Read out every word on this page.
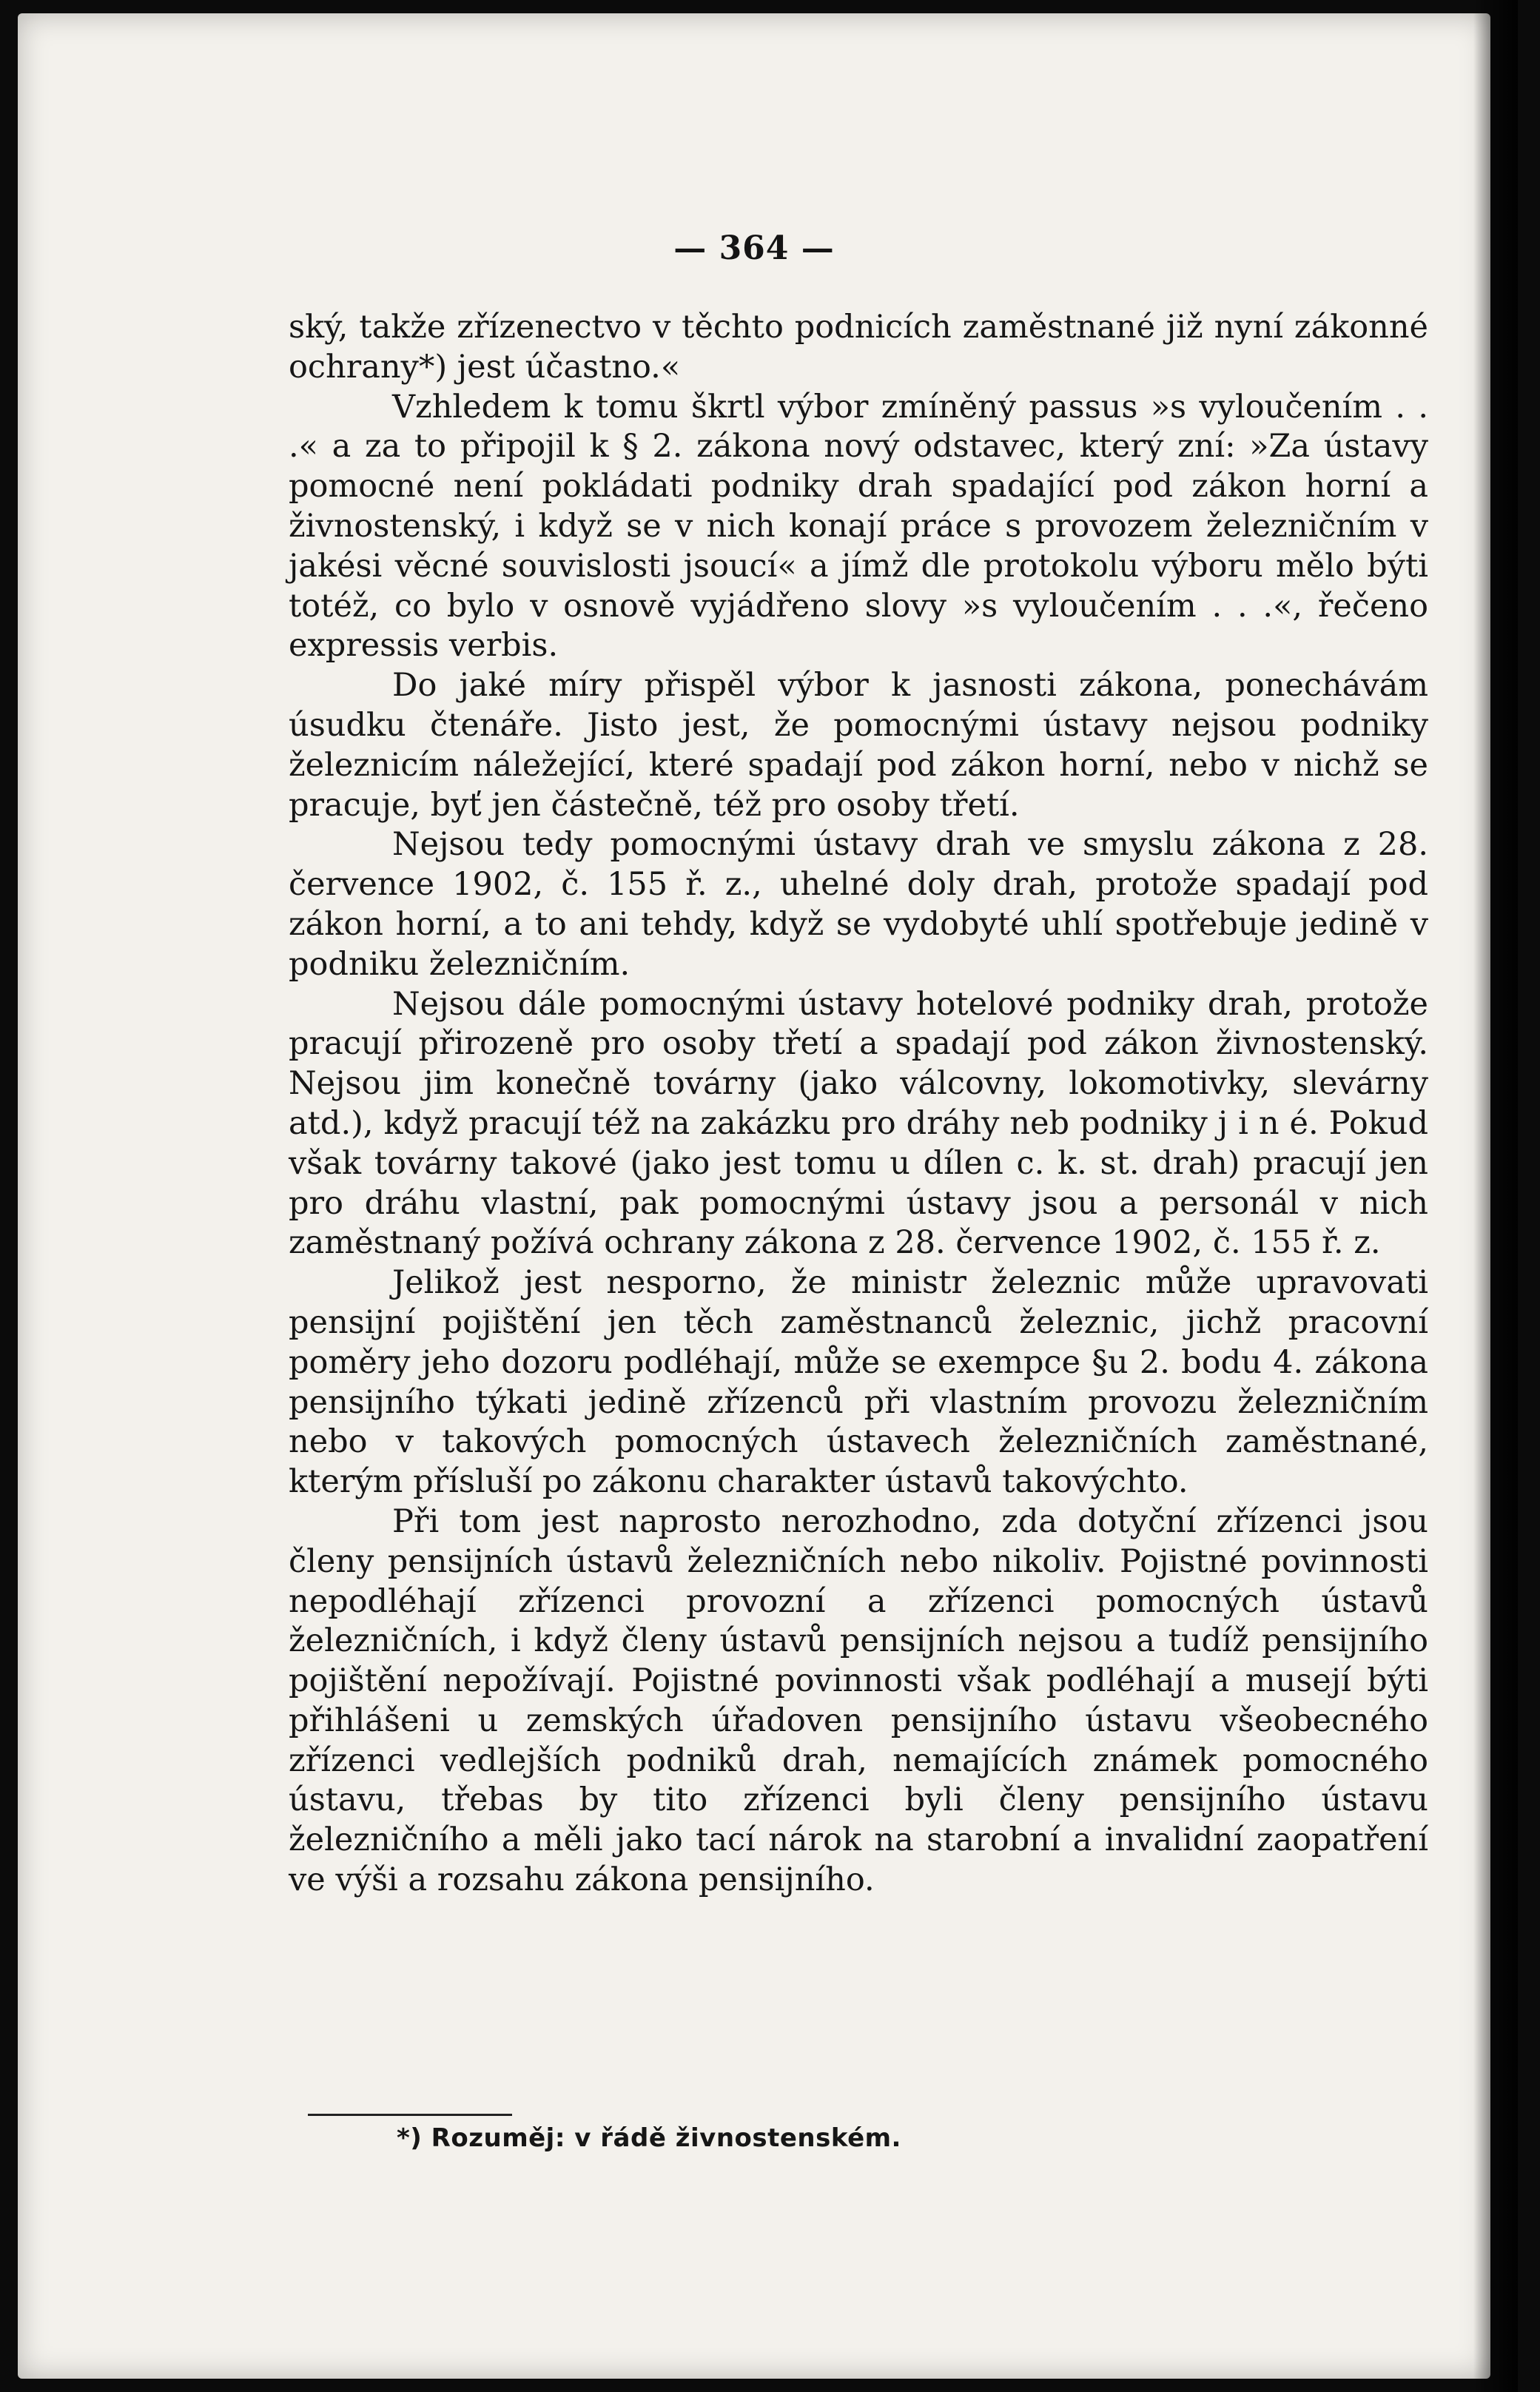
— 364 —

ský, takže zřízenectvo v těchto podnicích zaměstnané již nyní zákonné ochrany*) jest účastno.«

Vzhledem k tomu škrtl výbor zmíněný passus »s vyloučením . . .« a za to připojil k § 2. zákona nový odstavec, který zní: »Za ústavy pomocné není pokládati podniky drah spadající pod zákon horní a živnostenský, i když se v nich konají práce s provozem železničním v jakési věcné souvislosti jsoucí« a jímž dle protokolu výboru mělo býti totéž, co bylo v osnově vyjádřeno slovy »s vyloučením . . .«, řečeno expressis verbis.

Do jaké míry přispěl výbor k jasnosti zákona, ponechávám úsudku čtenáře. Jisto jest, že pomocnými ústavy nejsou podniky železnicím náležející, které spadají pod zákon horní, nebo v nichž se pracuje, byť jen částečně, též pro osoby třetí.

Nejsou tedy pomocnými ústavy drah ve smyslu zákona z 28. července 1902, č. 155 ř. z., uhelné doly drah, protože spadají pod zákon horní, a to ani tehdy, když se vydobyté uhlí spotřebuje jedině v podniku železničním.

Nejsou dále pomocnými ústavy hotelové podniky drah, protože pracují přirozeně pro osoby třetí a spadají pod zákon živnostenský. Nejsou jim konečně továrny (jako válcovny, lokomotivky, slevárny atd.), když pracují též na zakázku pro dráhy neb podniky j i n é. Pokud však továrny takové (jako jest tomu u dílen c. k. st. drah) pracují jen pro dráhu vlastní, pak pomocnými ústavy jsou a personál v nich zaměstnaný požívá ochrany zákona z 28. července 1902, č. 155 ř. z.

Jelikož jest nesporno, že ministr železnic může upravovati pensijní pojištění jen těch zaměstnanců železnic, jichž pracovní poměry jeho dozoru podléhají, může se exempce §u 2. bodu 4. zákona pensijního týkati jedině zřízenců při vlastním provozu železničním nebo v takových pomocných ústavech železničních zaměstnané, kterým přísluší po zákonu charakter ústavů takovýchto.

Při tom jest naprosto nerozhodno, zda dotyční zřízenci jsou členy pensijních ústavů železničních nebo nikoliv. Pojistné povinnosti nepodléhají zřízenci provozní a zřízenci pomocných ústavů železničních, i když členy ústavů pensijních nejsou a tudíž pensijního pojištění nepožívají. Pojistné povinnosti však podléhají a musejí býti přihlášeni u zemských úřadoven pensijního ústavu všeobecného zřízenci vedlejších podniků drah, nemajících známek pomocného ústavu, třebas by tito zřízenci byli členy pensijního ústavu železničního a měli jako tací nárok na starobní a invalidní zaopatření ve výši a rozsahu zákona pensijního.

*) Rozuměj: v řádě živnostenském.
